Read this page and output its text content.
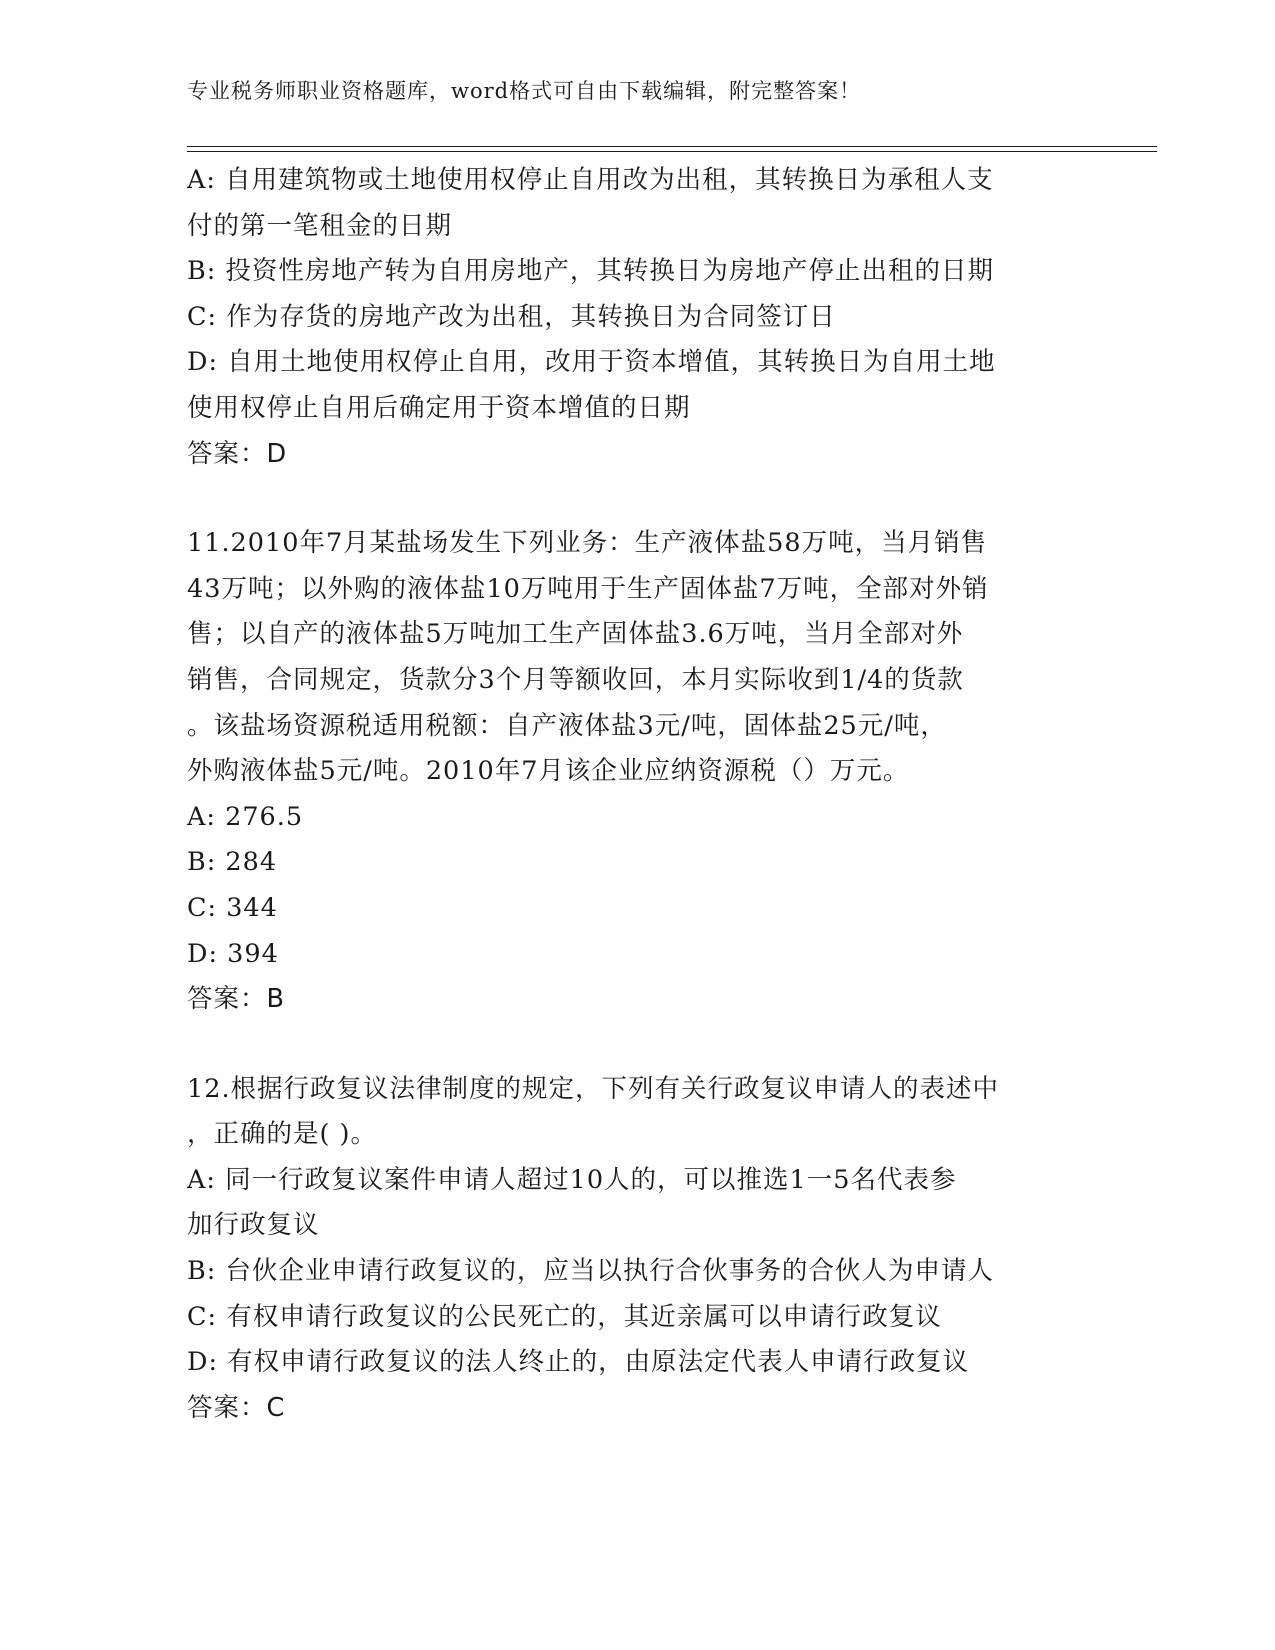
专业税务师职业资格题库，word格式可自由下载编辑，附完整答案！
A: 自用建筑物或土地使用权停止自用改为出租，其转换日为承租人支
付的第一笔租金的日期
B: 投资性房地产转为自用房地产，其转换日为房地产停止出租的日期
C: 作为存货的房地产改为出租，其转换日为合同签订日
D: 自用土地使用权停止自用，改用于资本增值，其转换日为自用土地
使用权停止自用后确定用于资本增值的日期
答案：D
11.2010年7月某盐场发生下列业务：生产液体盐58万吨，当月销售
43万吨；以外购的液体盐10万吨用于生产固体盐7万吨，全部对外销
售；以自产的液体盐5万吨加工生产固体盐3.6万吨，当月全部对外
销售，合同规定，货款分3个月等额收回，本月实际收到1/4的货款
。该盐场资源税适用税额：自产液体盐3元/吨，固体盐25元/吨，
外购液体盐5元/吨。2010年7月该企业应纳资源税（）万元。
A: 276.5
B: 284
C: 344
D: 394
答案：B
12.根据行政复议法律制度的规定，下列有关行政复议申请人的表述中
，正确的是( )。
A: 同一行政复议案件申请人超过10人的，可以推选1一5名代表参
加行政复议
B: 台伙企业申请行政复议的，应当以执行合伙事务的合伙人为申请人
C: 有权申请行政复议的公民死亡的，其近亲属可以申请行政复议
D: 有权申请行政复议的法人终止的，由原法定代表人申请行政复议
答案：C
